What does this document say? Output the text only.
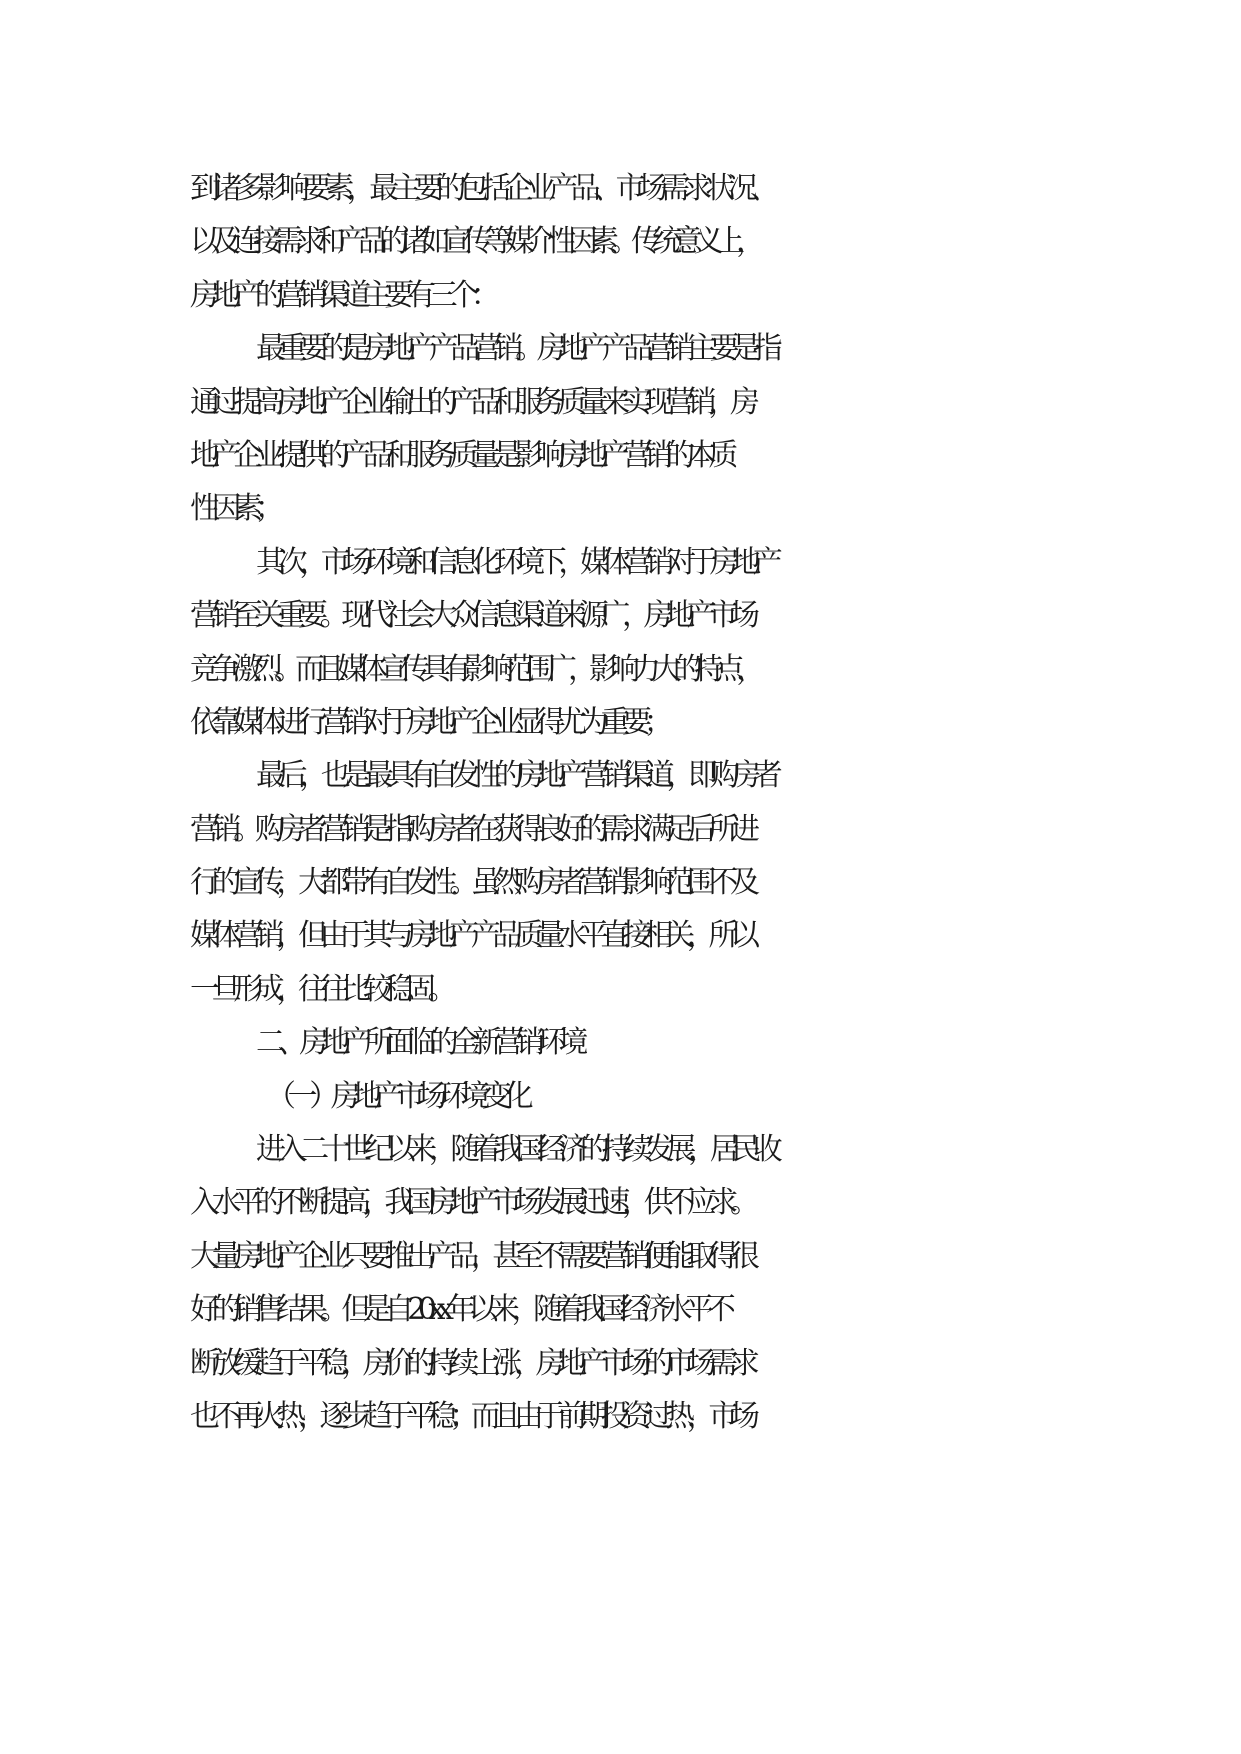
到诸多影响要素，最主要的包括企业产品、市场需求状况、
以及连接需求和产品的诸如宣传等媒介性因素。传统意义上，
房地产的营销渠道主要有三个：
最重要的是房地产产品营销。房地产产品营销主要是指
通过提高房地产企业输出的产品和服务质量来实现营销，房
地产企业提供的产品和服务质量是影响房地产营销的本质
性因素；
其次，市场环境和信息化环境下，媒体营销对于房地产
营销至关重要。现代社会大众信息渠道来源广，房地产市场
竞争激烈。而且媒体宣传具有影响范围广，影响力大的特点，
依靠媒体进行营销对于房地产企业显得尤为重要；
最后，也是最具有自发性的房地产营销渠道，即购房者
营销。购房者营销是指购房者在获得良好的需求满足后所进
行的宣传，大都带有自发性。虽然购房者营销影响范围不及
媒体营销，但由于其与房地产产品质量水平直接相关，所以
一旦形成，往往比较稳固。
二、房地产所面临的全新营销环境
（一）房地产市场环境变化
进入二十世纪以来，随着我国经济的持续发展，居民收
入水平的不断提高，我国房地产市场发展迅速，供不应求。
大量房地产企业只要推出产品，甚至不需要营销便能取得很
好的销售结果。但是自 20xx 年以来，随着我国经济水平不
断放缓趋于平稳，房价的持续上涨，房地产市场的市场需求
也不再火热，逐步趋于平稳；而且由于前期投资过热，市场
